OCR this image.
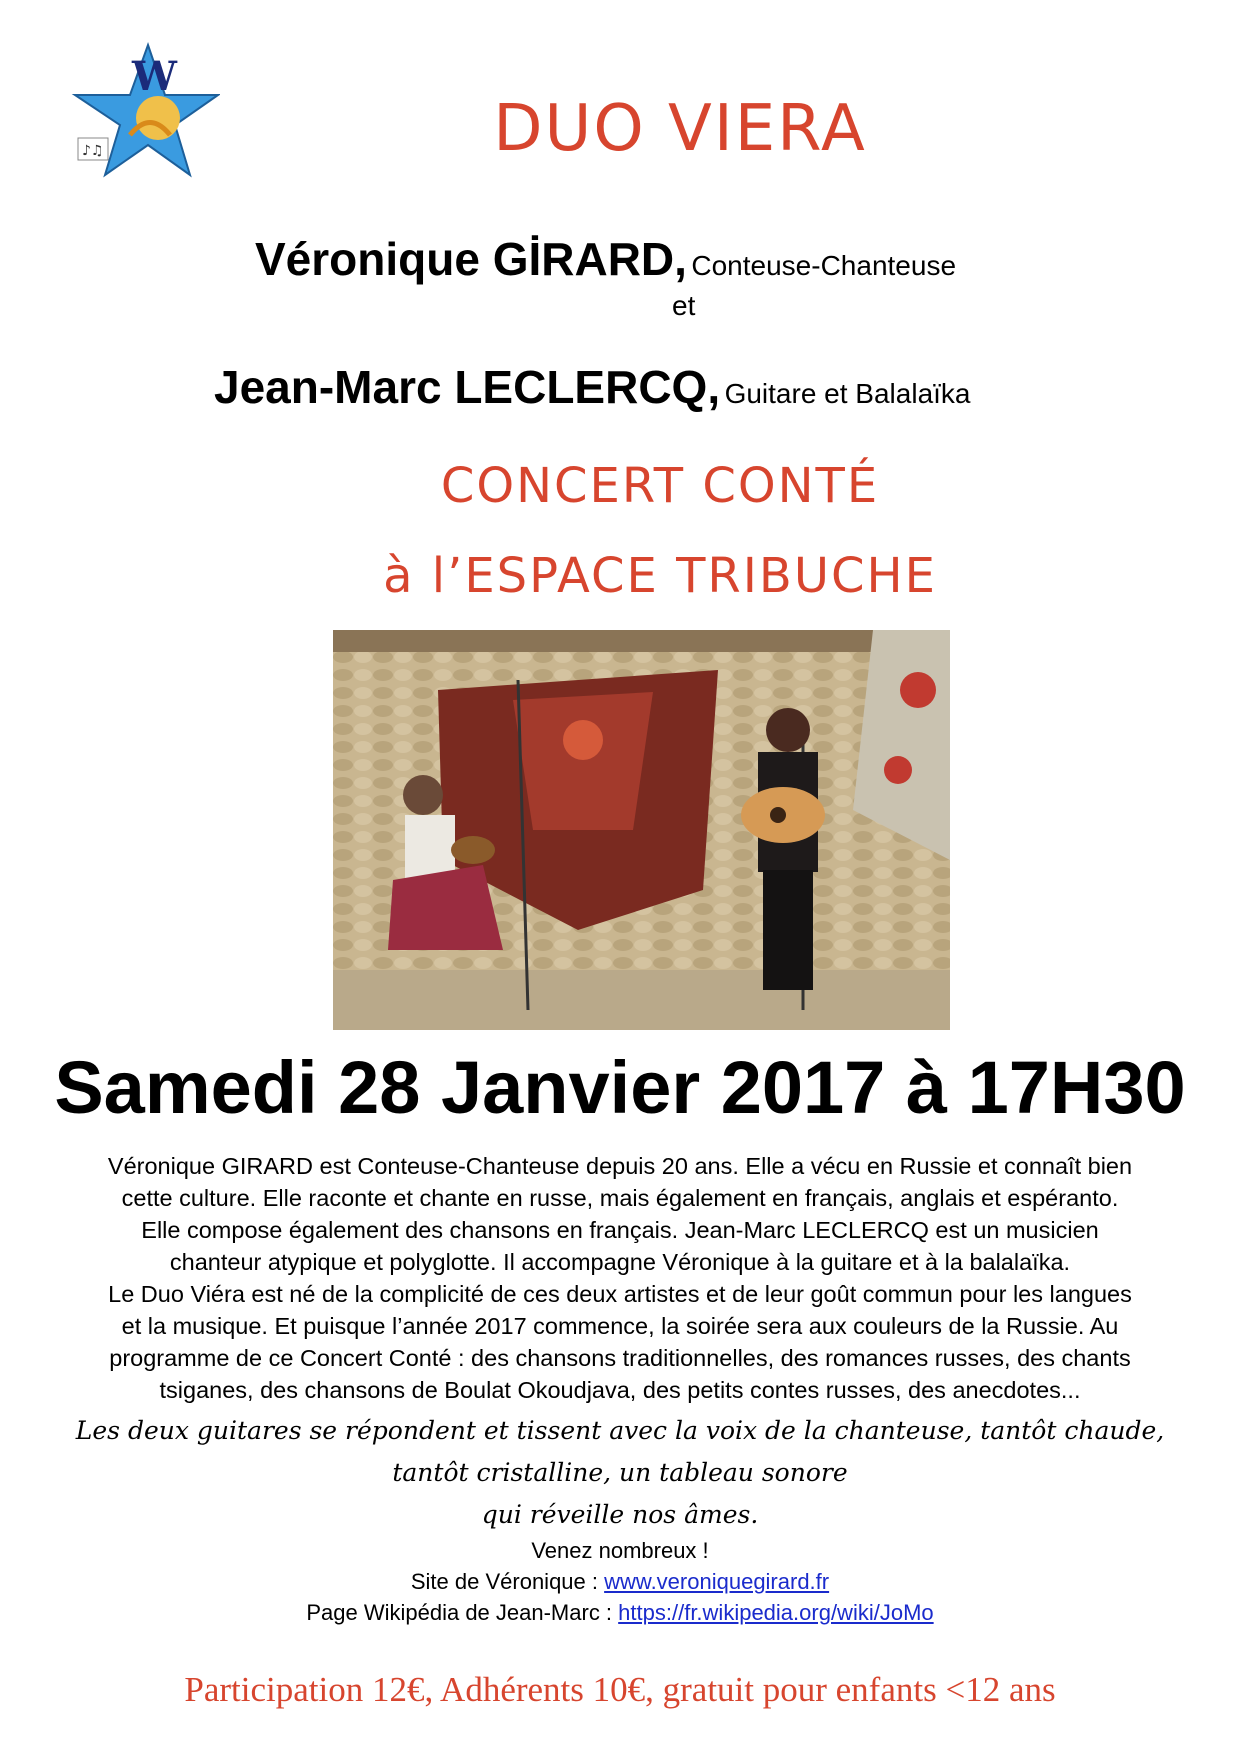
W
♪♫	DUO VIERA
Véronique GİRARD, Conteuse-Chanteuse
et
Jean-Marc LECLERCQ, Guitare et Balalaïka
CONCERT CONTÉ
à l’ESPACE TRIBUCHE
Samedi 28 Janvier 2017 à 17H30
Véronique GIRARD est Conteuse-Chanteuse depuis 20 ans. Elle a vécu en Russie et connaît bien
cette culture. Elle raconte et chante en russe, mais également en français, anglais et espéranto.
Elle compose également des chansons en français. Jean-Marc LECLERCQ est un musicien
chanteur atypique et polyglotte. Il accompagne Véronique à la guitare et à la balalaïka.
Le Duo Viéra est né de la complicité de ces deux artistes et de leur goût commun pour les langues
et la musique. Et puisque l’année 2017 commence, la soirée sera aux couleurs de la Russie. Au
programme de ce Concert Conté : des chansons traditionnelles, des romances russes, des chants
tsiganes, des chansons de Boulat Okoudjava, des petits contes russes, des anecdotes...
Les deux guitares se répondent et tissent avec la voix de la chanteuse, tantôt chaude,
tantôt cristalline, un tableau sonore
qui réveille nos âmes.
Venez nombreux !
Site de Véronique : www.veroniquegirard.fr
Page Wikipédia de Jean-Marc : https://fr.wikipedia.org/wiki/JoMo
Participation 12€, Adhérents 10€, gratuit pour enfants <12 ans
